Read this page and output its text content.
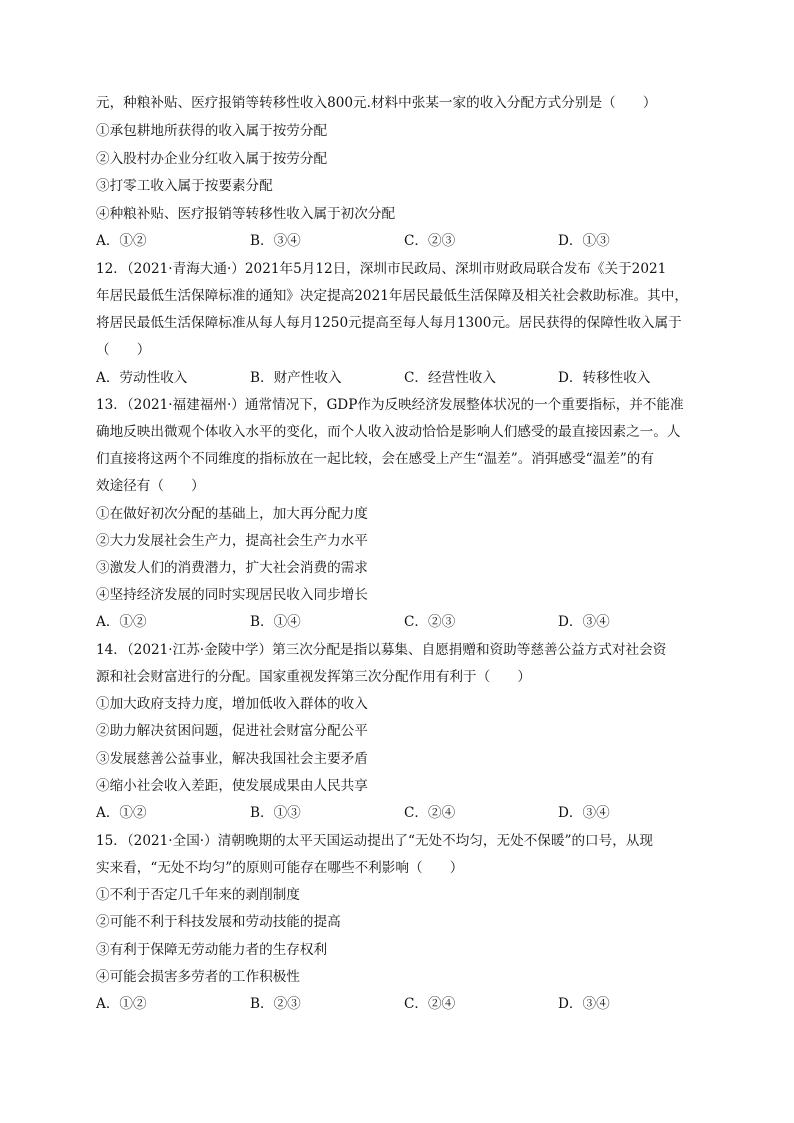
元，种粮补贴、医疗报销等转移性收入800元.材料中张某一家的收入分配方式分别是（　　）
①承包耕地所获得的收入属于按劳分配
②入股村办企业分红收入属于按劳分配
③打零工收入属于按要素分配
④种粮补贴、医疗报销等转移性收入属于初次分配
A．①②	B．③④	C．②③	D．①③
12．（2021·青海大通·）2021年5月12日，深圳市民政局、深圳市财政局联合发布《关于2021
年居民最低生活保障标准的通知》决定提高2021年居民最低生活保障及相关社会救助标准。其中，
将居民最低生活保障标准从每人每月1250元提高至每人每月1300元。居民获得的保障性收入属于
（　　）
A．劳动性收入	B．财产性收入	C．经营性收入	D．转移性收入
13．（2021·福建福州·）通常情况下，GDP作为反映经济发展整体状况的一个重要指标，并不能准
确地反映出微观个体收入水平的变化，而个人收入波动恰恰是影响人们感受的最直接因素之一。人
们直接将这两个不同维度的指标放在一起比较，会在感受上产生“温差”。消弭感受“温差”的有
效途径有（　　）
①在做好初次分配的基础上，加大再分配力度
②大力发展社会生产力，提高社会生产力水平
③激发人们的消费潜力，扩大社会消费的需求
④坚持经济发展的同时实现居民收入同步增长
A．①②	B．①④	C．②③	D．③④
14．（2021·江苏·金陵中学）第三次分配是指以募集、自愿捐赠和资助等慈善公益方式对社会资
源和社会财富进行的分配。国家重视发挥第三次分配作用有利于（　　）
①加大政府支持力度，增加低收入群体的收入
②助力解决贫困问题，促进社会财富分配公平
③发展慈善公益事业，解决我国社会主要矛盾
④缩小社会收入差距，使发展成果由人民共享
A．①②	B．①③	C．②④	D．③④
15．（2021·全国·）清朝晚期的太平天国运动提出了“无处不均匀，无处不保暖”的口号，从现
实来看，“无处不均匀”的原则可能存在哪些不利影响（　　）
①不利于否定几千年来的剥削制度
②可能不利于科技发展和劳动技能的提高
③有利于保障无劳动能力者的生存权利
④可能会损害多劳者的工作积极性
A．①②	B．②③	C．②④	D．③④
